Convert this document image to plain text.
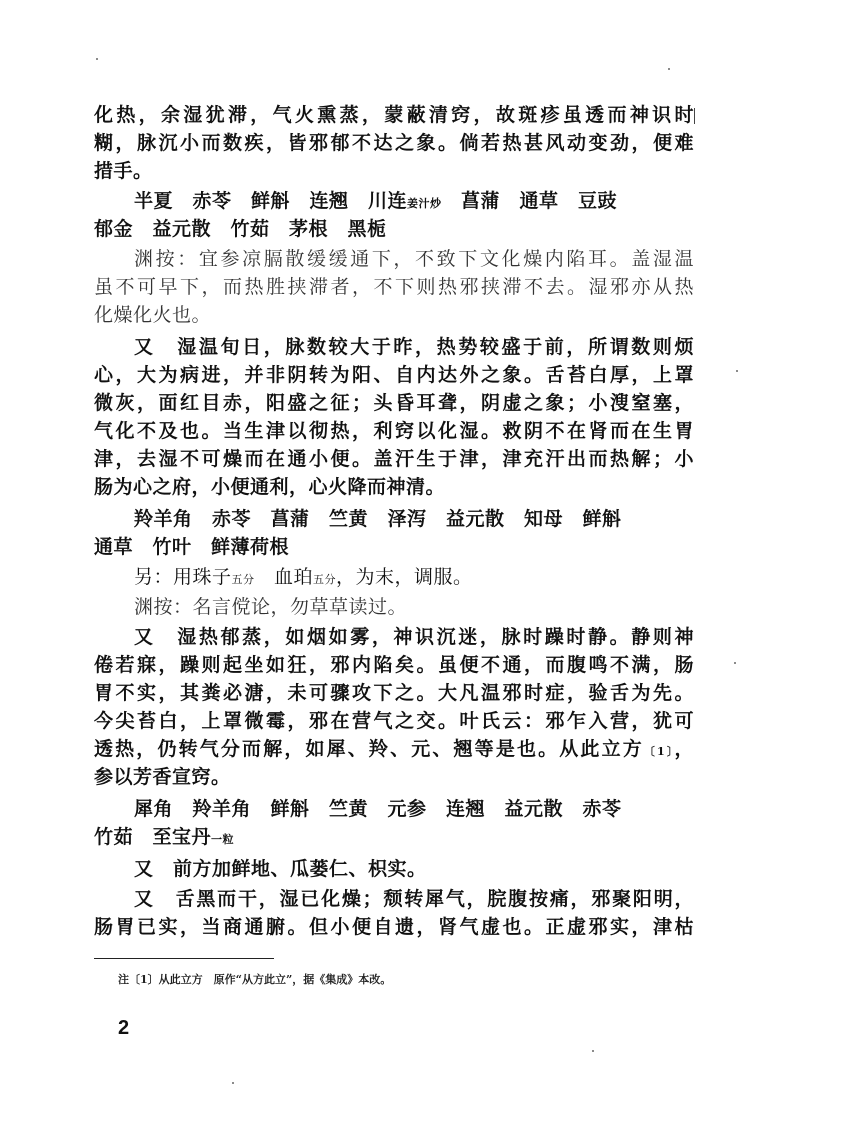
化热，余湿犹滞，气火熏蒸，蒙蔽清窍，故斑疹虽透而神识时
糊，脉沉小而数疾，皆邪郁不达之象。倘若热甚风动变劲，便难
措手。
半夏　赤苓　鲜斛　连翘　川连姜汁炒　菖蒲　通草　豆豉
郁金　益元散　竹茹　茅根　黑栀
渊按：宜参凉膈散缓缓通下，不致下文化燥内陷耳。盖湿温
虽不可早下，而热胜挟滞者，不下则热邪挟滞不去。湿邪亦从热
化燥化火也。
又　湿温旬日，脉数较大于昨，热势较盛于前，所谓数则烦
心，大为病进，并非阴转为阳、自内达外之象。舌苔白厚，上罩
微灰，面红目赤，阳盛之征；头昏耳聋，阴虚之象；小溲窒塞，
气化不及也。当生津以彻热，利窍以化湿。救阴不在肾而在生胃
津，去湿不可燥而在通小便。盖汗生于津，津充汗出而热解；小
肠为心之府，小便通利，心火降而神清。
羚羊角　赤苓　菖蒲　竺黄　泽泻　益元散　知母　鲜斛
通草　竹叶　鲜薄荷根
另：用珠子五分　血珀五分，为末，调服。
渊按：名言傥论，勿草草读过。
又　湿热郁蒸，如烟如雾，神识沉迷，脉时躁时静。静则神
倦若寐，躁则起坐如狂，邪内陷矣。虽便不通，而腹鸣不满，肠
胃不实，其粪必溏，未可骤攻下之。大凡温邪时症，验舌为先。
今尖苔白，上罩微霉，邪在营气之交。叶氏云：邪乍入营，犹可
透热，仍转气分而解，如犀、羚、元、翘等是也。从此立方〔1〕，
参以芳香宣窍。
犀角　羚羊角　鲜斛　竺黄　元参　连翘　益元散　赤苓
竹茹　至宝丹一粒
又　前方加鲜地、瓜蒌仁、枳实。
又　舌黑而干，湿已化燥；颓转犀气，脘腹按痛，邪聚阳明，
肠胃已实，当商通腑。但小便自遗，肾气虚也。正虚邪实，津枯
注〔1〕从此立方　原作“从方此立”，据《集成》本改。
2
